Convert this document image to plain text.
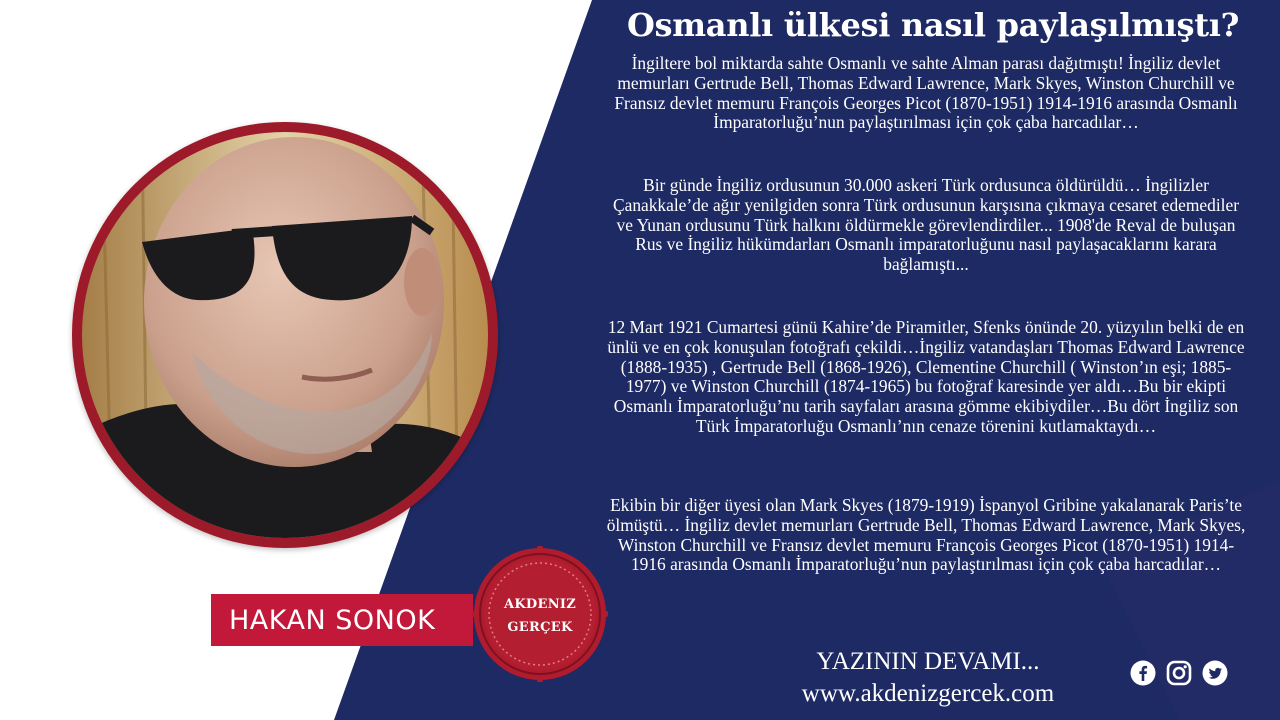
HAKAN SONOK	AKDENIZ
GERÇEK
Osmanlı ülkesi nasıl paylaşılmıştı?
İngiltere bol miktarda sahte Osmanlı ve sahte Alman parası dağıtmıştı! İngiliz devlet memurları Gertrude Bell, Thomas Edward Lawrence, Mark Skyes, Winston Churchill ve Fransız devlet memuru François Georges Picot (1870-1951) 1914-1916 arasında Osmanlı İmparatorluğu’nun paylaştırılması için çok çaba harcadılar…
Bir günde İngiliz ordusunun 30.000 askeri Türk ordusunca öldürüldü… İngilizler Çanakkale’de ağır yenilgiden sonra Türk ordusunun karşısına çıkmaya cesaret edemediler ve Yunan ordusunu Türk halkını öldürmekle görevlendirdiler... 1908'de Reval de buluşan Rus ve İngiliz hükümdarları Osmanlı imparatorluğunu nasıl paylaşacaklarını karara bağlamıştı...
12 Mart 1921 Cumartesi günü Kahire’de Piramitler, Sfenks önünde 20. yüzyılın belki de en ünlü ve en çok konuşulan fotoğrafı çekildi…İngiliz vatandaşları Thomas Edward Lawrence (1888-1935) , Gertrude Bell (1868-1926), Clementine Churchill ( Winston’ın eşi; 1885-1977) ve Winston Churchill (1874-1965) bu fotoğraf karesinde yer aldı…Bu bir ekipti Osmanlı İmparatorluğu’nu tarih sayfaları arasına gömme ekibiydiler…Bu dört İngiliz son Türk İmparatorluğu Osmanlı’nın cenaze törenini kutlamaktaydı…
Ekibin bir diğer üyesi olan Mark Skyes (1879-1919) İspanyol Gribine yakalanarak Paris’te ölmüştü… İngiliz devlet memurları Gertrude Bell, Thomas Edward Lawrence, Mark Skyes, Winston Churchill ve Fransız devlet memuru François Georges Picot (1870-1951) 1914-1916 arasında Osmanlı İmparatorluğu’nun paylaştırılması için çok çaba harcadılar…
YAZININ DEVAMI...
www.akdenizgercek.com
